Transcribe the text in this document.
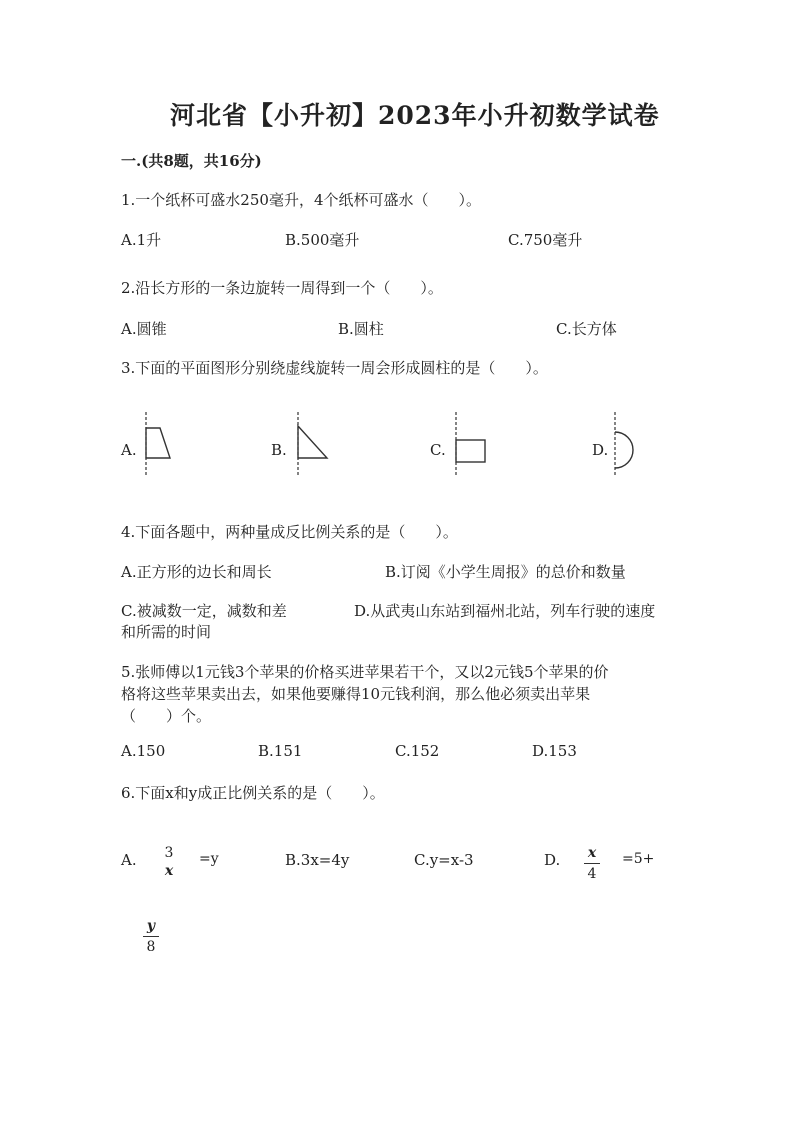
河北省【小升初】2023年小升初数学试卷
一.(共8题，共16分)
1.一个纸杯可盛水250毫升，4个纸杯可盛水（　　）。
A.1升	B.500毫升	C.750毫升
2.沿长方形的一条边旋转一周得到一个（　　）。
A.圆锥	B.圆柱	C.长方体
3.下面的平面图形分别绕虚线旋转一周会形成圆柱的是（　　）。
A.	B.	C.	D.
4.下面各题中，两种量成反比例关系的是（　　）。
A.正方形的边长和周长	B.订阅《小学生周报》的总价和数量
C.被减数一定，减数和差	D.从武夷山东站到福州北站，列车行驶的速度
和所需的时间
5.张师傅以1元钱3个苹果的价格买进苹果若干个，又以2元钱5个苹果的价
格将这些苹果卖出去，如果他要赚得10元钱利润，那么他必须卖出苹果
（　　）个。
A.150	B.151	C.152	D.153
6.下面x和y成正比例关系的是（　　）。
A.	3
x
=y	B.3x=4y	C.y=x-3	D. x
4
=5+
y
8
